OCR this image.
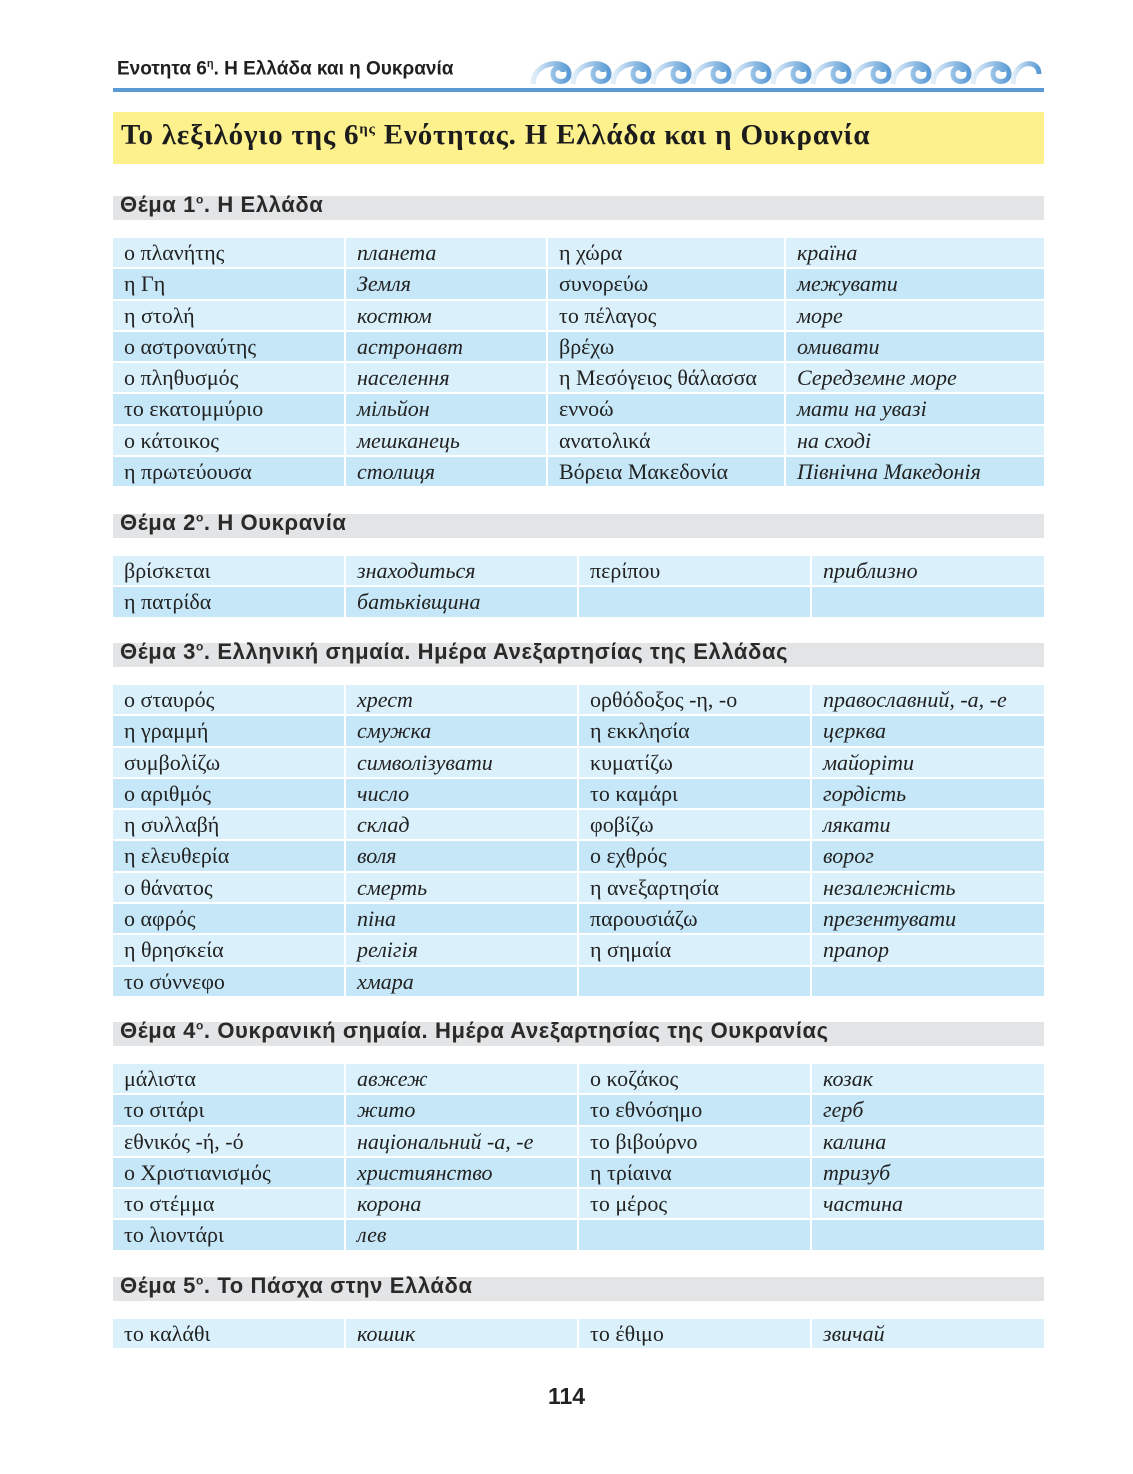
Ενοτητα $6^\eta$. Η Ελλάδα και η Ουκρανία
Το λεξιλόγιο της $6^{\eta\varsigma}$ Ενότητας. Η Ελλάδα και η Ουκρανία
Θέμα $1^o$. Η Ελλάδα
ο πλανήτης	планета	η χώρα	країна
η Γη	Земля	συνορεύω	межувати
η στολή	костюм	το πέλαγος	море
ο αστροναύτης	астронавт	βρέχω	омивати
ο πληθυσμός	населення	η Μεσόγειος θάλασσα	Середземне море
το εκατομμύριο	мільйон	εννοώ	мати на увазі
ο κάτοικος	мешканець	ανατολικά	на сході
η πρωτεύουσα	столиця	Βόρεια Μακεδονία	Північна Македонія
Θέμα $2^o$. Η Ουκρανία
βρίσκεται	знаходиться	περίπου	приблизно
η πατρίδα	батьківщина
Θέμα $3^o$. Ελληνική σημαία. Ημέρα Ανεξαρτησίας της Ελλάδας
ο σταυρός	хрест	ορθόδοξος -η, -ο	православний, -а, -е
η γραμμή	смужка	η εκκλησία	церква
συμβολίζω	символізувати	κυματίζω	майоріти
ο αριθμός	число	το καμάρι	гордість
η συλλαβή	склад	φοβίζω	лякати
η ελευθερία	воля	ο εχθρός	ворог
ο θάνατος	смерть	η ανεξαρτησία	незалежність
ο αφρός	піна	παρουσιάζω	презентувати
η θρησκεία	релігія	η σημαία	прапор
το σύννεφο	хмара
Θέμα $4^o$. Ουκρανική σημαία. Ημέρα Ανεξαρτησίας της Ουκρανίας
μάλιστα	авжеж	ο κοζάκος	козак
το σιτάρι	жито	το εθνόσημο	герб
εθνικός -ή, -ό	національний -а, -е	το βιβούρνο	калина
ο Χριστιανισμός	християнство	η τρίαινα	тризуб
το στέμμα	корона	το μέρος	частина
το λιοντάρι	лев
Θέμα $5^o$. Το Πάσχα στην Ελλάδα
το καλάθι	кошик	το έθιμο	звичай
114
